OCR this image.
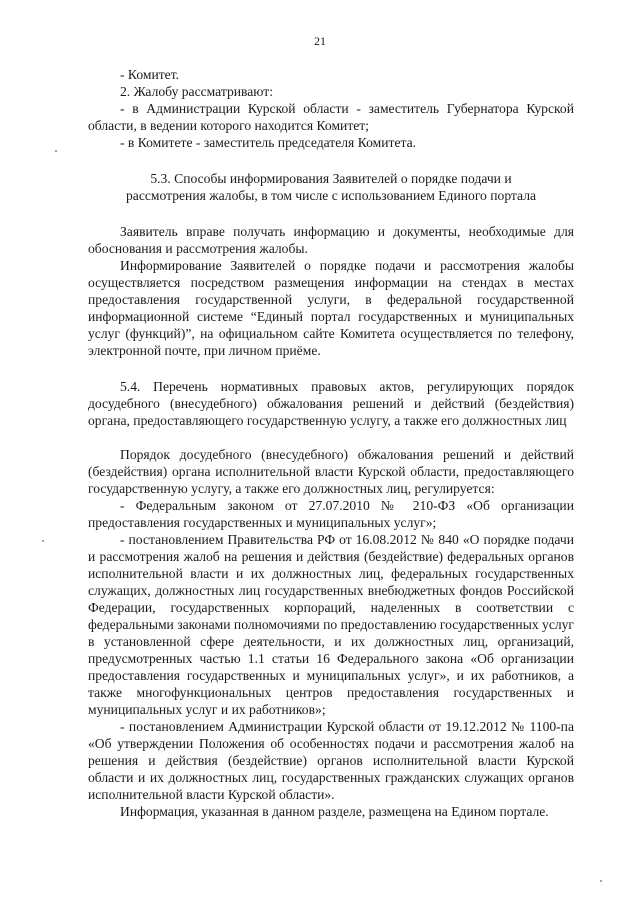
21

- Комитет.

2. Жалобу рассматривают:

- в Администрации Курской области - заместитель Губернатора Курской области, в ведении которого находится Комитет;

- в Комитете - заместитель председателя Комитета.

5.3. Способы информирования Заявителей о порядке подачи и

рассмотрения жалобы, в том числе с использованием Единого портала

Заявитель вправе получать информацию и документы, необходимые для обоснования и рассмотрения жалобы.

Информирование Заявителей о порядке подачи и рассмотрения жалобы осуществляется посредством размещения информации на стендах в местах предоставления государственной услуги, в федеральной государственной информационной системе “Единый портал государственных и муниципальных услуг (функций)”, на официальном сайте Комитета осуществляется по телефону, электронной почте, при личном приёме.

5.4. Перечень нормативных правовых актов, регулирующих порядок досудебного (внесудебного) обжалования решений и действий (бездействия) органа, предоставляющего государственную услугу, а также его должностных лиц

Порядок досудебного (внесудебного) обжалования решений и действий (бездействия) органа исполнительной власти Курской области, предоставляющего государственную услугу, а также его должностных лиц, регулируется:

- Федеральным законом от 27.07.2010 № 210-ФЗ «Об организации предоставления государственных и муниципальных услуг»;

- постановлением Правительства РФ от 16.08.2012 № 840 «О порядке подачи и рассмотрения жалоб на решения и действия (бездействие) федеральных органов исполнительной власти и их должностных лиц, федеральных государственных служащих, должностных лиц государственных внебюджетных фондов Российской Федерации, государственных корпораций, наделенных в соответствии с федеральными законами полномочиями по предоставлению государственных услуг в установленной сфере деятельности, и их должностных лиц, организаций, предусмотренных частью 1.1 статьи 16 Федерального закона «Об организации предоставления государственных и муниципальных услуг», и их работников, а также многофункциональных центров предоставления государственных и муниципальных услуг и их работников»;

- постановлением Администрации Курской области от 19.12.2012 № 1100-па «Об утверждении Положения об особенностях подачи и рассмотрения жалоб на решения и действия (бездействие) органов исполнительной власти Курской области и их должностных лиц, государственных гражданских служащих органов исполнительной власти Курской области».

Информация, указанная в данном разделе, размещена на Едином портале.
